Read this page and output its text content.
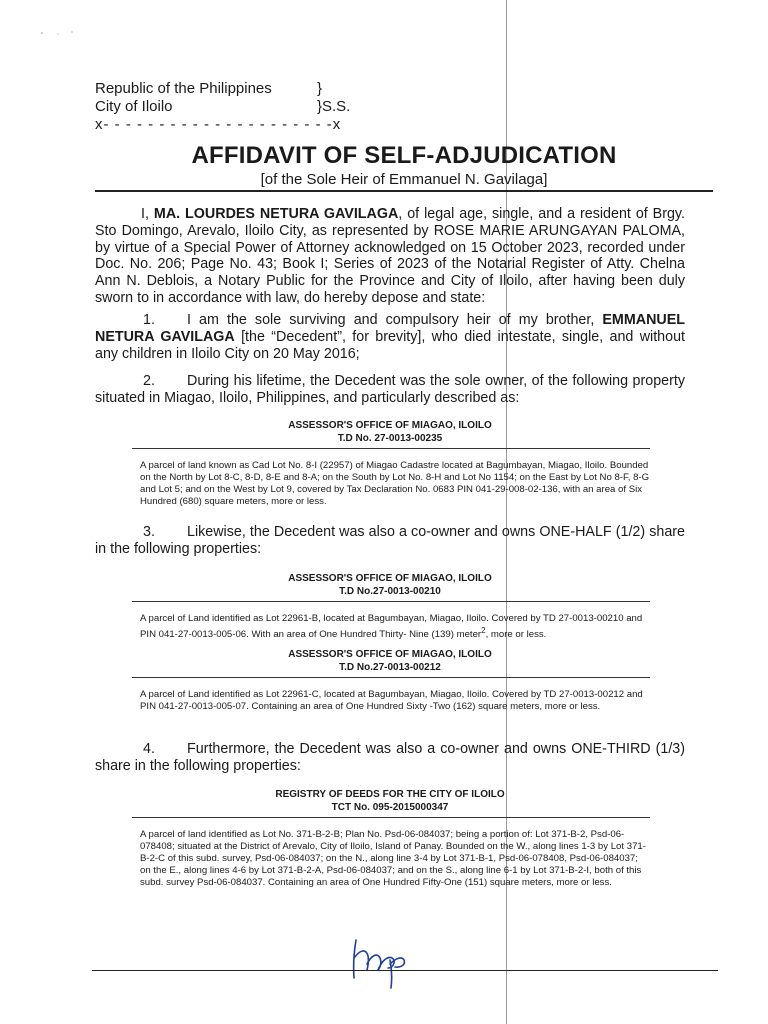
Republic of the Philippines	}
City of Iloilo	}S.S.
x- - - - - - - - - - - - - - - - - - - - -x
AFFIDAVIT OF SELF-ADJUDICATION
[of the Sole Heir of Emmanuel N. Gavilaga]

I, MA. LOURDES NETURA GAVILAGA, of legal age, single, and a resident of Brgy. Sto Domingo, Arevalo, Iloilo City, as represented by ROSE MARIE ARUNGAYAN PALOMA, by virtue of a Special Power of Attorney acknowledged on 15 October 2023, recorded under Doc. No. 206; Page No. 43; Book I; Series of 2023 of the Notarial Register of Atty. Chelna Ann N. Deblois, a Notary Public for the Province and City of Iloilo, after having been duly sworn to in accordance with law, do hereby depose and state:

1. I am the sole surviving and compulsory heir of my brother, EMMANUEL NETURA GAVILAGA [the “Decedent”, for brevity], who died intestate, single, and without any children in Iloilo City on 20 May 2016;

2. During his lifetime, the Decedent was the sole owner, of the following property situated in Miagao, Iloilo, Philippines, and particularly described as:

ASSESSOR'S OFFICE OF MIAGAO, ILOILO
T.D No. 27-0013-00235

A parcel of land known as Cad Lot No. 8-I (22957) of Miagao Cadastre located at Bagumbayan, Miagao, Iloilo. Bounded on the North by Lot 8-C, 8-D, 8-E and 8-A; on the South by Lot No. 8-H and Lot No 1154; on the East by Lot No 8-F, 8-G and Lot 5; and on the West by Lot 9, covered by Tax Declaration No. 0683 PIN 041-29-008-02-136, with an area of Six Hundred (680) square meters, more or less.

3. Likewise, the Decedent was also a co-owner and owns ONE-HALF (1/2) share in the following properties:

ASSESSOR'S OFFICE OF MIAGAO, ILOILO
T.D No.27-0013-00210

A parcel of Land identified as Lot 22961-B, located at Bagumbayan, Miagao, Iloilo. Covered by TD 27-0013-00210 and PIN 041-27-0013-005-06. With an area of One Hundred Thirty- Nine (139) meter$^2$, more or less.

ASSESSOR'S OFFICE OF MIAGAO, ILOILO
T.D No.27-0013-00212

A parcel of Land identified as Lot 22961-C, located at Bagumbayan, Miagao, Iloilo. Covered by TD 27-0013-00212 and PIN 041-27-0013-005-07. Containing an area of One Hundred Sixty -Two (162) square meters, more or less.

4. Furthermore, the Decedent was also a co-owner and owns ONE-THIRD (1/3) share in the following properties:

REGISTRY OF DEEDS FOR THE CITY OF ILOILO
TCT No. 095-2015000347

A parcel of land identified as Lot No. 371-B-2-B; Plan No. Psd-06-084037; being a portion of: Lot 371-B-2, Psd-06-078408; situated at the District of Arevalo, City of Iloilo, Island of Panay. Bounded on the W., along lines 1-3 by Lot 371-B-2-C of this subd. survey, Psd-06-084037; on the N., along line 3-4 by Lot 371-B-1, Psd-06-078408, Psd-06-084037; on the E., along lines 4-6 by Lot 371-B-2-A, Psd-06-084037; and on the S., along line 6-1 by Lot 371-B-2-I, both of this subd. survey Psd-06-084037. Containing an area of One Hundred Fifty-One (151) square meters, more or less.
